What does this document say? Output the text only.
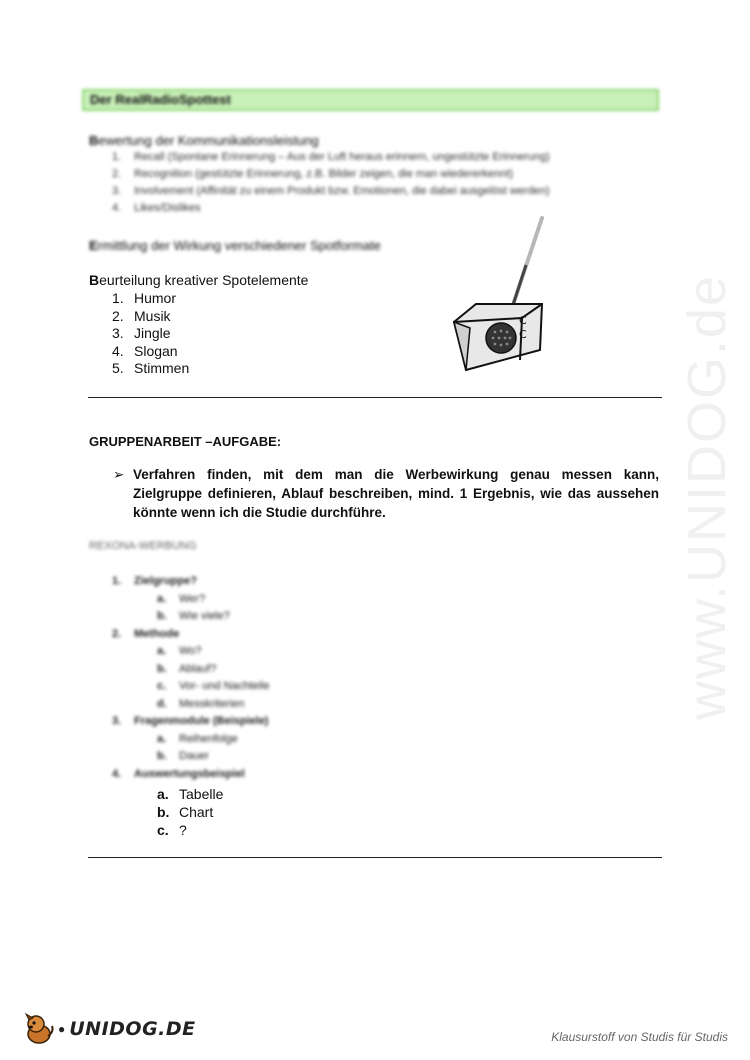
Der RealRadioSpottest
Bewertung der Kommunikationsleistung
1.	Recall (Spontane Erinnerung – Aus der Luft heraus erinnern, ungestützte Erinnerung)
2.	Recognition (gestützte Erinnerung, z.B. Bilder zeigen, die man wiedererkennt)
3.	Involvement (Affinität zu einem Produkt bzw. Emotionen, die dabei ausgelöst werden)
4.	Likes/Dislikes
Ermittlung der Wirkung verschiedener Spotformate
Beurteilung kreativer Spotelemente
1. Humor
2. Musik
3. Jingle
4. Slogan
5. Stimmen
C
C
GRUPPENARBEIT –AUFGABE:
➢ Verfahren finden, mit dem man die Werbewirkung genau messen kann, Zielgruppe definieren, Ablauf beschreiben, mind. 1 Ergebnis, wie das aussehen könnte wenn ich die Studie durchführe.
REXONA-WERBUNG
1.	Zielgruppe?
a.	Wer?
b.	Wie viele?
2.	Methode
a.	Wo?
b.	Ablauf?
c.	Vor- und Nachteile
d.	Messkriterien
3.	Fragenmodule (Beispiele)
a.	Reihenfolge
b.	Dauer
4.	Auswertungsbeispiel
a. Tabelle
b. Chart
c. ?
www.UNIDOG.de
● UNIDOG.DE	Klausurstoff von Studis für Studis
